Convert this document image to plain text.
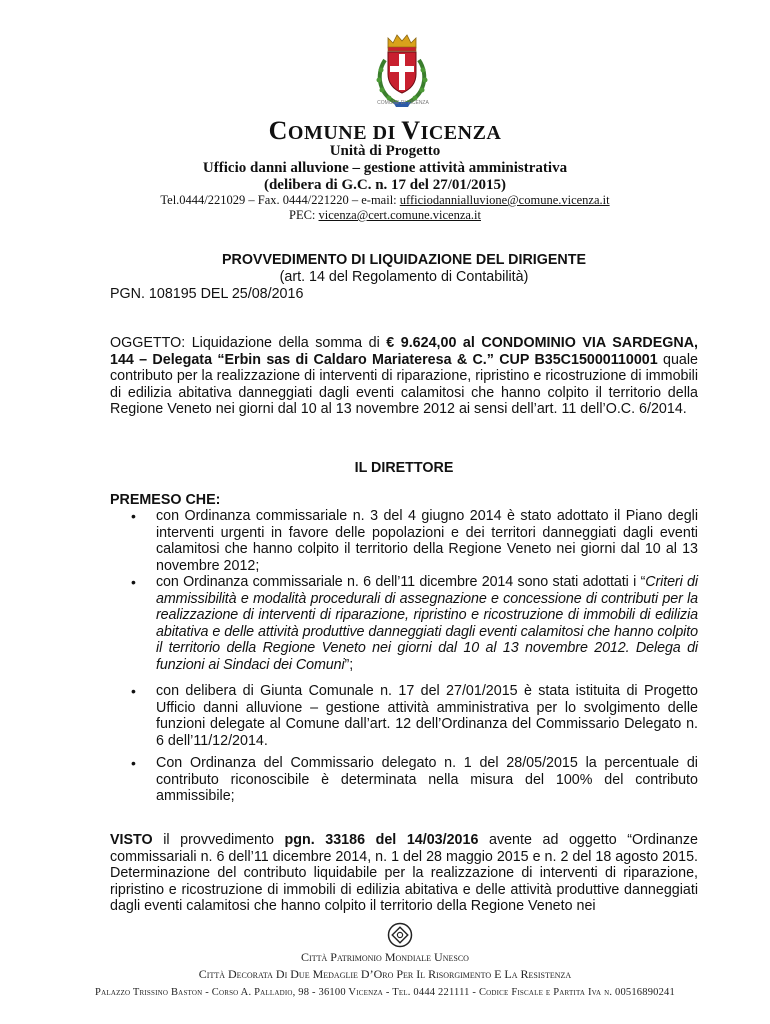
COMUNE DI VICENZA
COMUNE DI VICENZA
Unità di Progetto
Ufficio danni alluvione – gestione attività amministrativa
(delibera di G.C. n. 17 del 27/01/2015)
Tel.0444/221029 – Fax. 0444/221220 – e-mail: ufficiodannialluvione@comune.vicenza.it
PEC: vicenza@cert.comune.vicenza.it
PROVVEDIMENTO DI LIQUIDAZIONE DEL DIRIGENTE
(art. 14 del Regolamento di Contabilità)
PGN. 108195 DEL 25/08/2016
OGGETTO: Liquidazione della somma di € 9.624,00 al CONDOMINIO VIA SARDEGNA, 144 – Delegata “Erbin sas di Caldaro Mariateresa & C.” CUP B35C15000110001 quale contributo per la realizzazione di interventi di riparazione, ripristino e ricostruzione di immobili di edilizia abitativa danneggiati dagli eventi calamitosi che hanno colpito il territorio della Regione Veneto nei giorni dal 10 al 13 novembre 2012 ai sensi dell’art. 11 dell’O.C. 6/2014.
IL DIRETTORE
PREMESO CHE:
•	con Ordinanza commissariale n. 3 del 4 giugno 2014 è stato adottato il Piano degli interventi urgenti in favore delle popolazioni e dei territori danneggiati dagli eventi calamitosi che hanno colpito il territorio della Regione Veneto nei giorni dal 10 al 13 novembre 2012;
•	con Ordinanza commissariale n. 6 dell’11 dicembre 2014 sono stati adottati i “Criteri di ammissibilità e modalità procedurali di assegnazione e concessione di contributi per la realizzazione di interventi di riparazione, ripristino e ricostruzione di immobili di edilizia abitativa e delle attività produttive danneggiati dagli eventi calamitosi che hanno colpito il territorio della Regione Veneto nei giorni dal 10 al 13 novembre 2012. Delega di funzioni ai Sindaci dei Comuni”;
•	con delibera di Giunta Comunale n. 17 del 27/01/2015 è stata istituita di Progetto Ufficio danni alluvione – gestione attività amministrativa per lo svolgimento delle funzioni delegate al Comune dall’art. 12 dell’Ordinanza del Commissario Delegato n. 6 dell’11/12/2014.
•	Con Ordinanza del Commissario delegato n. 1 del 28/05/2015 la percentuale di contributo riconoscibile è determinata nella misura del 100% del contributo ammissibile;
VISTO il provvedimento pgn. 33186 del 14/03/2016 avente ad oggetto “Ordinanze commissariali n. 6 dell’11 dicembre 2014, n. 1 del 28 maggio 2015 e n. 2 del 18 agosto 2015. Determinazione del contributo liquidabile per la realizzazione di interventi di riparazione, ripristino e ricostruzione di immobili di edilizia abitativa e delle attività produttive danneggiati dagli eventi calamitosi che hanno colpito il territorio della Regione Veneto nei
Città Patrimonio Mondiale Unesco
Città Decorata Di Due Medaglie D’Oro Per Il Risorgimento E La Resistenza
Palazzo Trissino Baston - Corso A. Palladio, 98 - 36100 Vicenza - Tel. 0444 221111 - Codice Fiscale e Partita Iva n. 00516890241
